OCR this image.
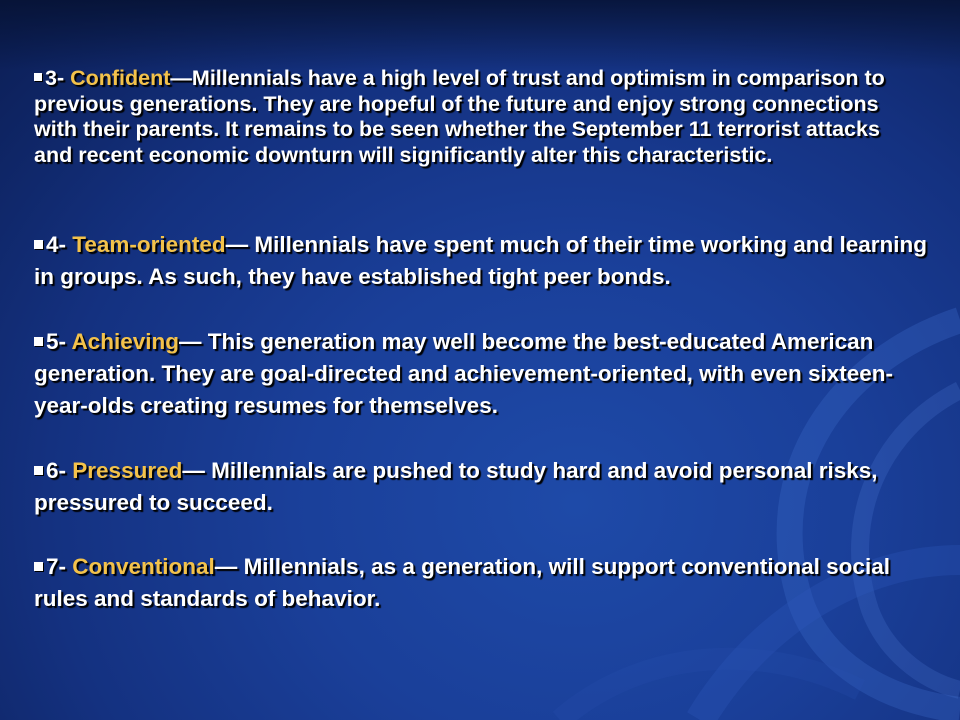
3- Confident—Millennials have a high level of trust and optimism in comparison to previous generations. They are hopeful of the future and enjoy strong connections with their parents. It remains to be seen whether the September 11 terrorist attacks and recent economic downturn will significantly alter this characteristic.

4- Team-oriented— Millennials have spent much of their time working and learning in groups. As such, they have established tight peer bonds.

5- Achieving— This generation may well become the best-educated American generation. They are goal-directed and achievement-oriented, with even sixteen-year-olds creating resumes for themselves.

6- Pressured— Millennials are pushed to study hard and avoid personal risks, pressured to succeed.

7- Conventional— Millennials, as a generation, will support conventional social rules and standards of behavior.
